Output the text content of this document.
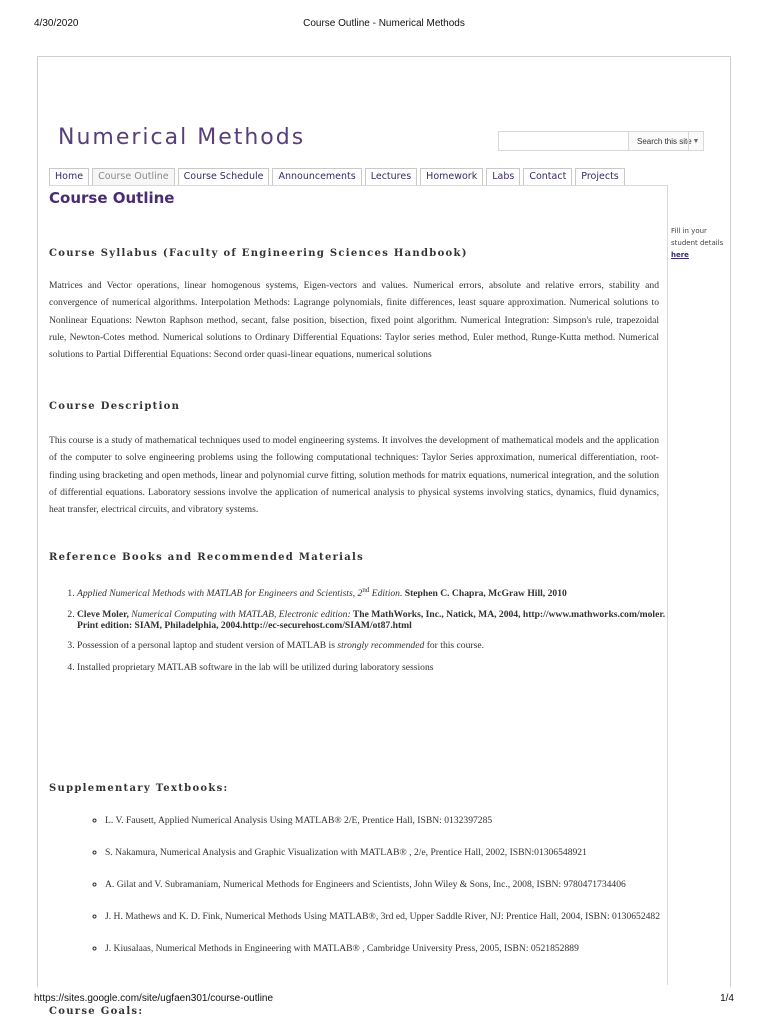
4/30/2020	Course Outline - Numerical Methods
Numerical Methods	Search this site ▼
Home	Course Outline	Course Schedule	Announcements	Lectures	Homework	Labs	Contact	Projects
Fill in your student details here
Course Outline

Course Syllabus (Faculty of Engineering Sciences Handbook)

Matrices and Vector operations, linear homogenous systems, Eigen-vectors and values. Numerical errors, absolute and relative errors, stability and convergence of numerical algorithms. Interpolation Methods: Lagrange polynomials, finite differences, least square approximation. Numerical solutions to Nonlinear Equations: Newton Raphson method, secant, false position, bisection, fixed point algorithm. Numerical Integration: Simpson's rule, trapezoidal rule, Newton-Cotes method. Numerical solutions to Ordinary Differential Equations: Taylor series method, Euler method, Runge-Kutta method. Numerical solutions to Partial Differential Equations: Second order quasi-linear equations, numerical solutions

Course Description

This course is a study of mathematical techniques used to model engineering systems. It involves the development of mathematical models and the application of the computer to solve engineering problems using the following computational techniques: Taylor Series approximation, numerical differentiation, root-finding using bracketing and open methods, linear and polynomial curve fitting, solution methods for matrix equations, numerical integration, and the solution of differential equations. Laboratory sessions involve the application of numerical analysis to physical systems involving statics, dynamics, fluid dynamics, heat transfer, electrical circuits, and vibratory systems.

Reference Books and Recommended Materials

1. Applied Numerical Methods with MATLAB for Engineers and Scientists, 2nd Edition. Stephen C. Chapra, McGraw Hill, 2010
2. Cleve Moler, Numerical Computing with MATLAB, Electronic edition: The MathWorks, Inc., Natick, MA, 2004, http://www.mathworks.com/moler. Print edition: SIAM, Philadelphia, 2004.http://ec-securehost.com/SIAM/ot87.html
3. Possession of a personal laptop and student version of MATLAB is strongly recommended for this course.
4. Installed proprietary MATLAB software in the lab will be utilized during laboratory sessions

Supplementary Textbooks:

◦ L. V. Fausett, Applied Numerical Analysis Using MATLAB® 2/E, Prentice Hall, ISBN: 0132397285
◦ S. Nakamura, Numerical Analysis and Graphic Visualization with MATLAB® , 2/e, Prentice Hall, 2002, ISBN:01306548921
◦ A. Gilat and V. Subramaniam, Numerical Methods for Engineers and Scientists, John Wiley & Sons, Inc., 2008, ISBN: 9780471734406
◦ J. H. Mathews and K. D. Fink, Numerical Methods Using MATLAB®, 3rd ed, Upper Saddle River, NJ: Prentice Hall, 2004, ISBN: 0130652482
◦ J. Kiusalaas, Numerical Methods in Engineering with MATLAB® , Cambridge University Press, 2005, ISBN: 0521852889

Course Goals:

https://sites.google.com/site/ugfaen301/course-outline	1/4
